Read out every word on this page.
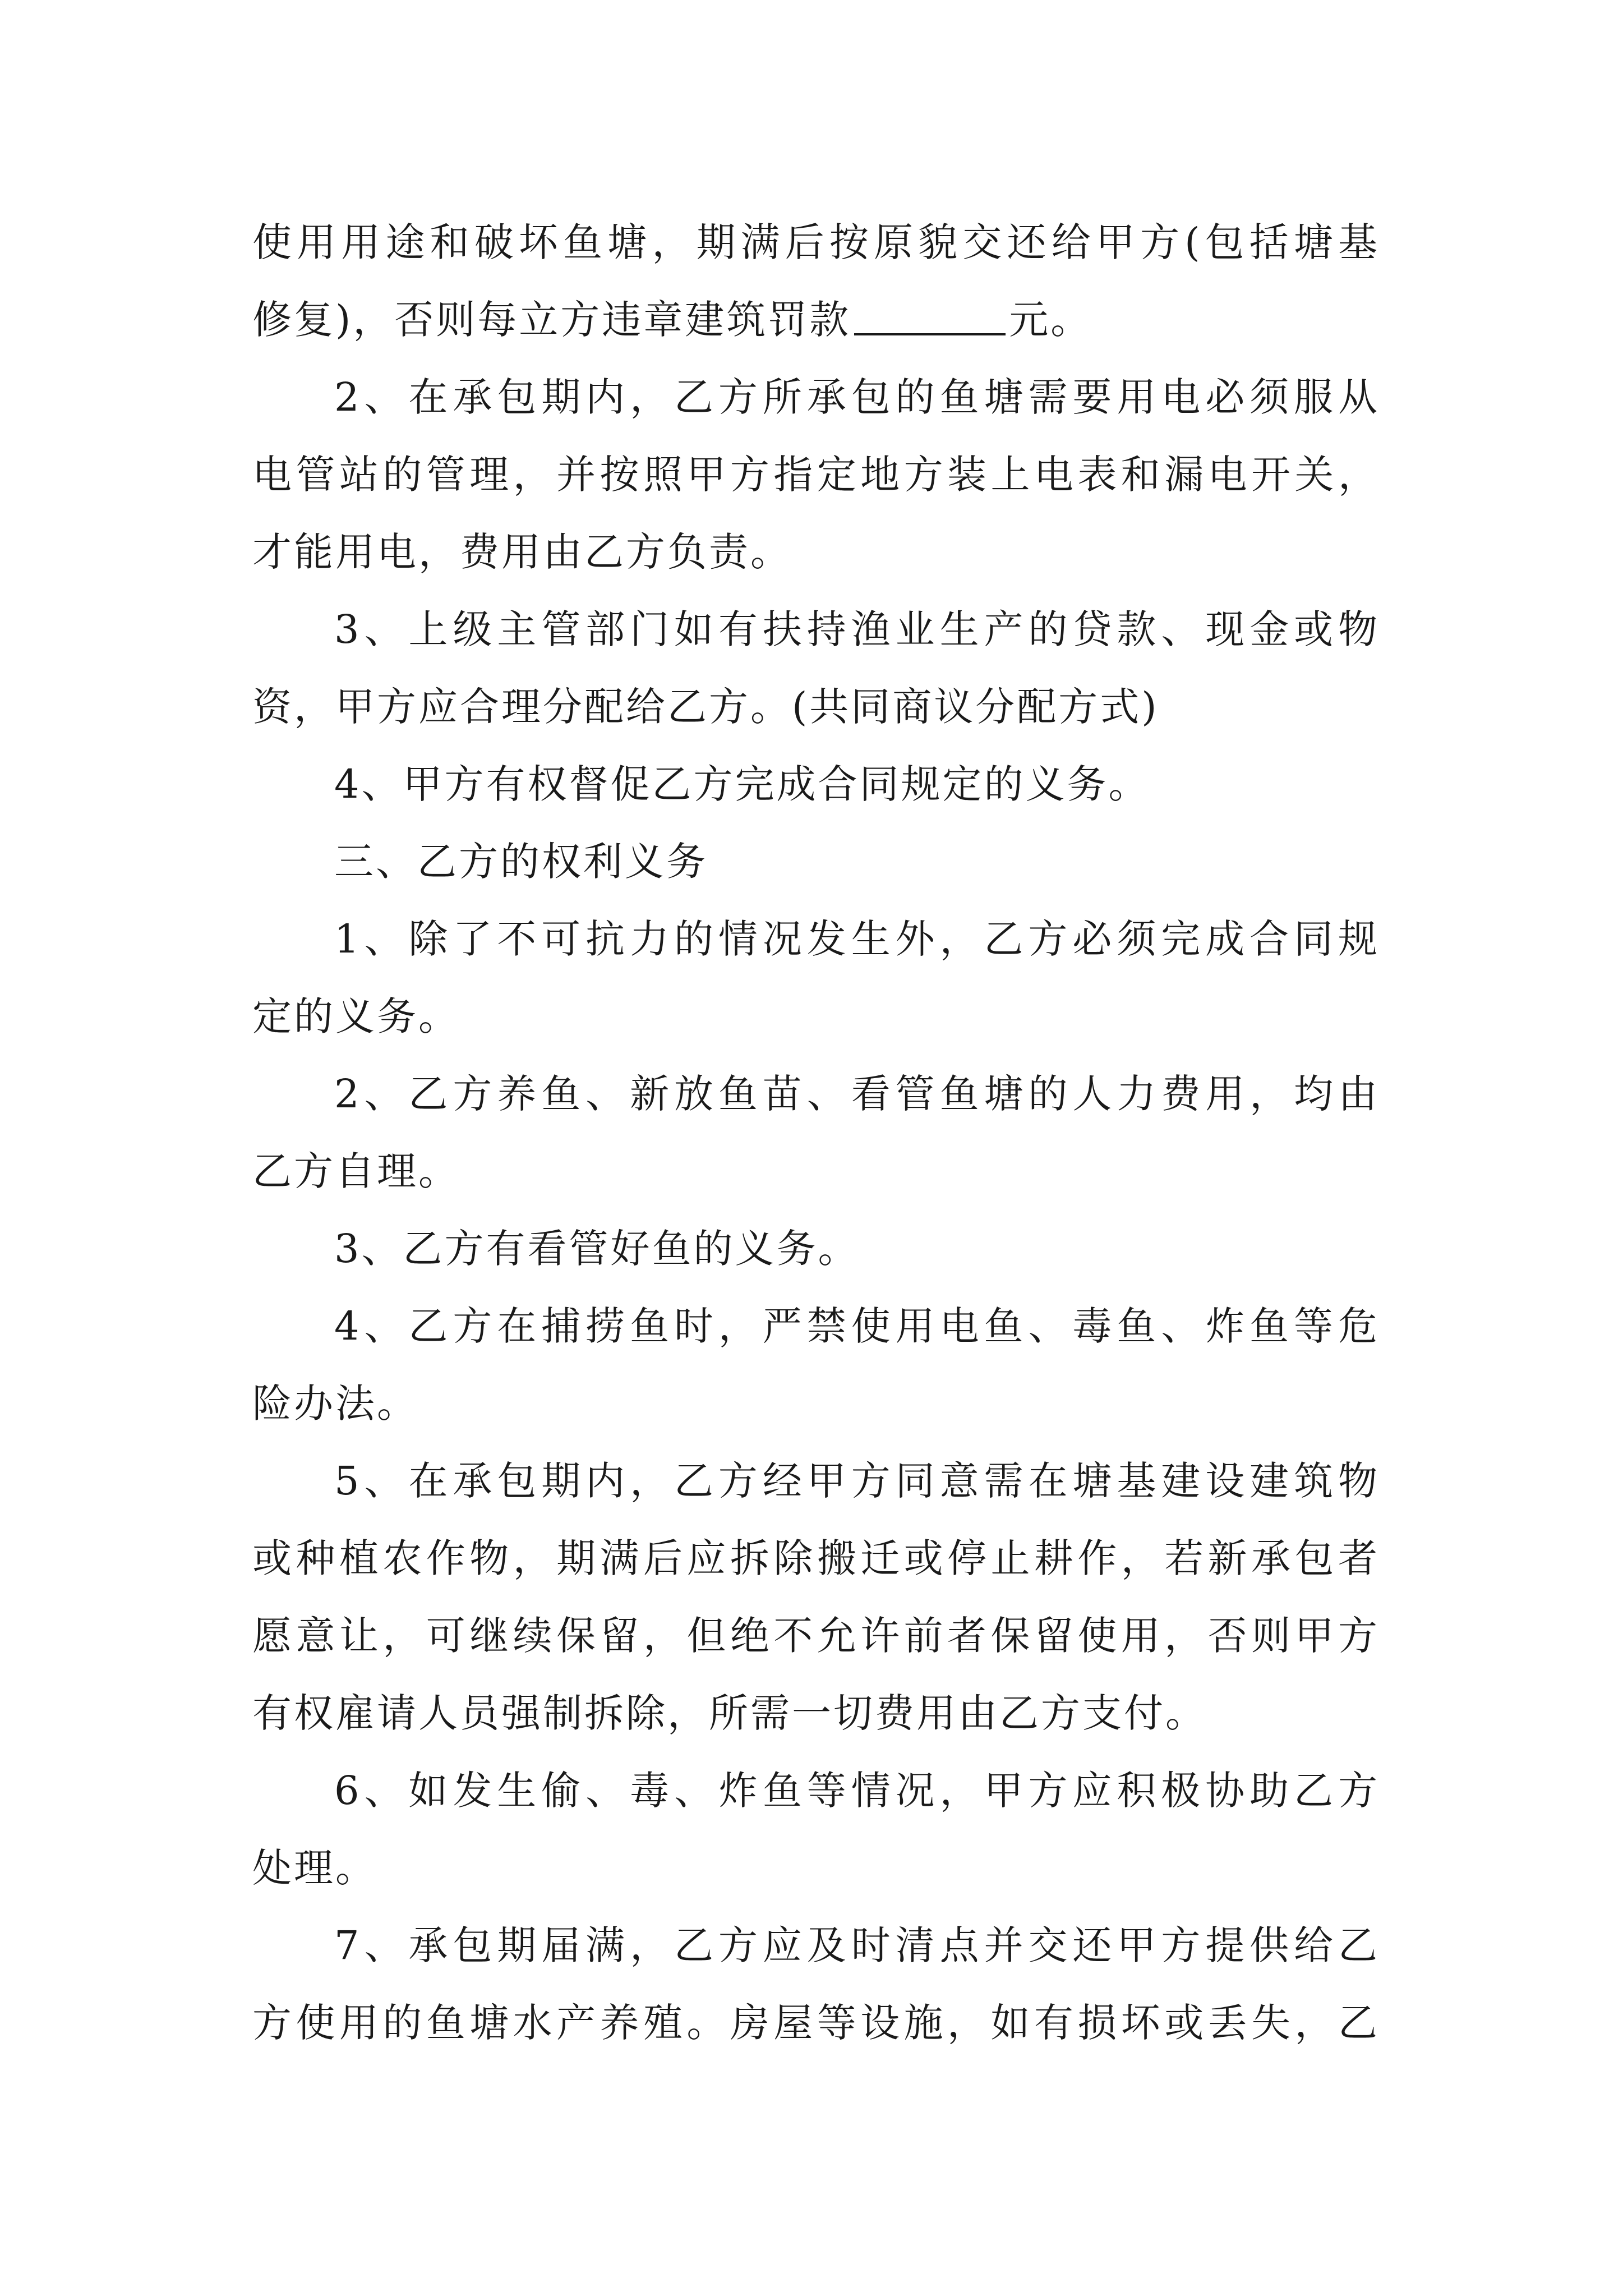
使用用途和破坏鱼塘，期满后按原貌交还给甲方(包括塘基
修复)，否则每立方违章建筑罚款	元。
2、在承包期内，乙方所承包的鱼塘需要用电必须服从
电管站的管理，并按照甲方指定地方装上电表和漏电开关，
才能用电，费用由乙方负责。
3、上级主管部门如有扶持渔业生产的贷款、现金或物
资，甲方应合理分配给乙方。(共同商议分配方式)
4、甲方有权督促乙方完成合同规定的义务。
三、乙方的权利义务
1、除了不可抗力的情况发生外，乙方必须完成合同规
定的义务。
2、乙方养鱼、新放鱼苗、看管鱼塘的人力费用，均由
乙方自理。
3、乙方有看管好鱼的义务。
4、乙方在捕捞鱼时，严禁使用电鱼、毒鱼、炸鱼等危
险办法。
5、在承包期内，乙方经甲方同意需在塘基建设建筑物
或种植农作物，期满后应拆除搬迁或停止耕作，若新承包者
愿意让，可继续保留，但绝不允许前者保留使用，否则甲方
有权雇请人员强制拆除，所需一切费用由乙方支付。
6、如发生偷、毒、炸鱼等情况，甲方应积极协助乙方
处理。
7、承包期届满，乙方应及时清点并交还甲方提供给乙
方使用的鱼塘水产养殖。房屋等设施，如有损坏或丢失，乙
